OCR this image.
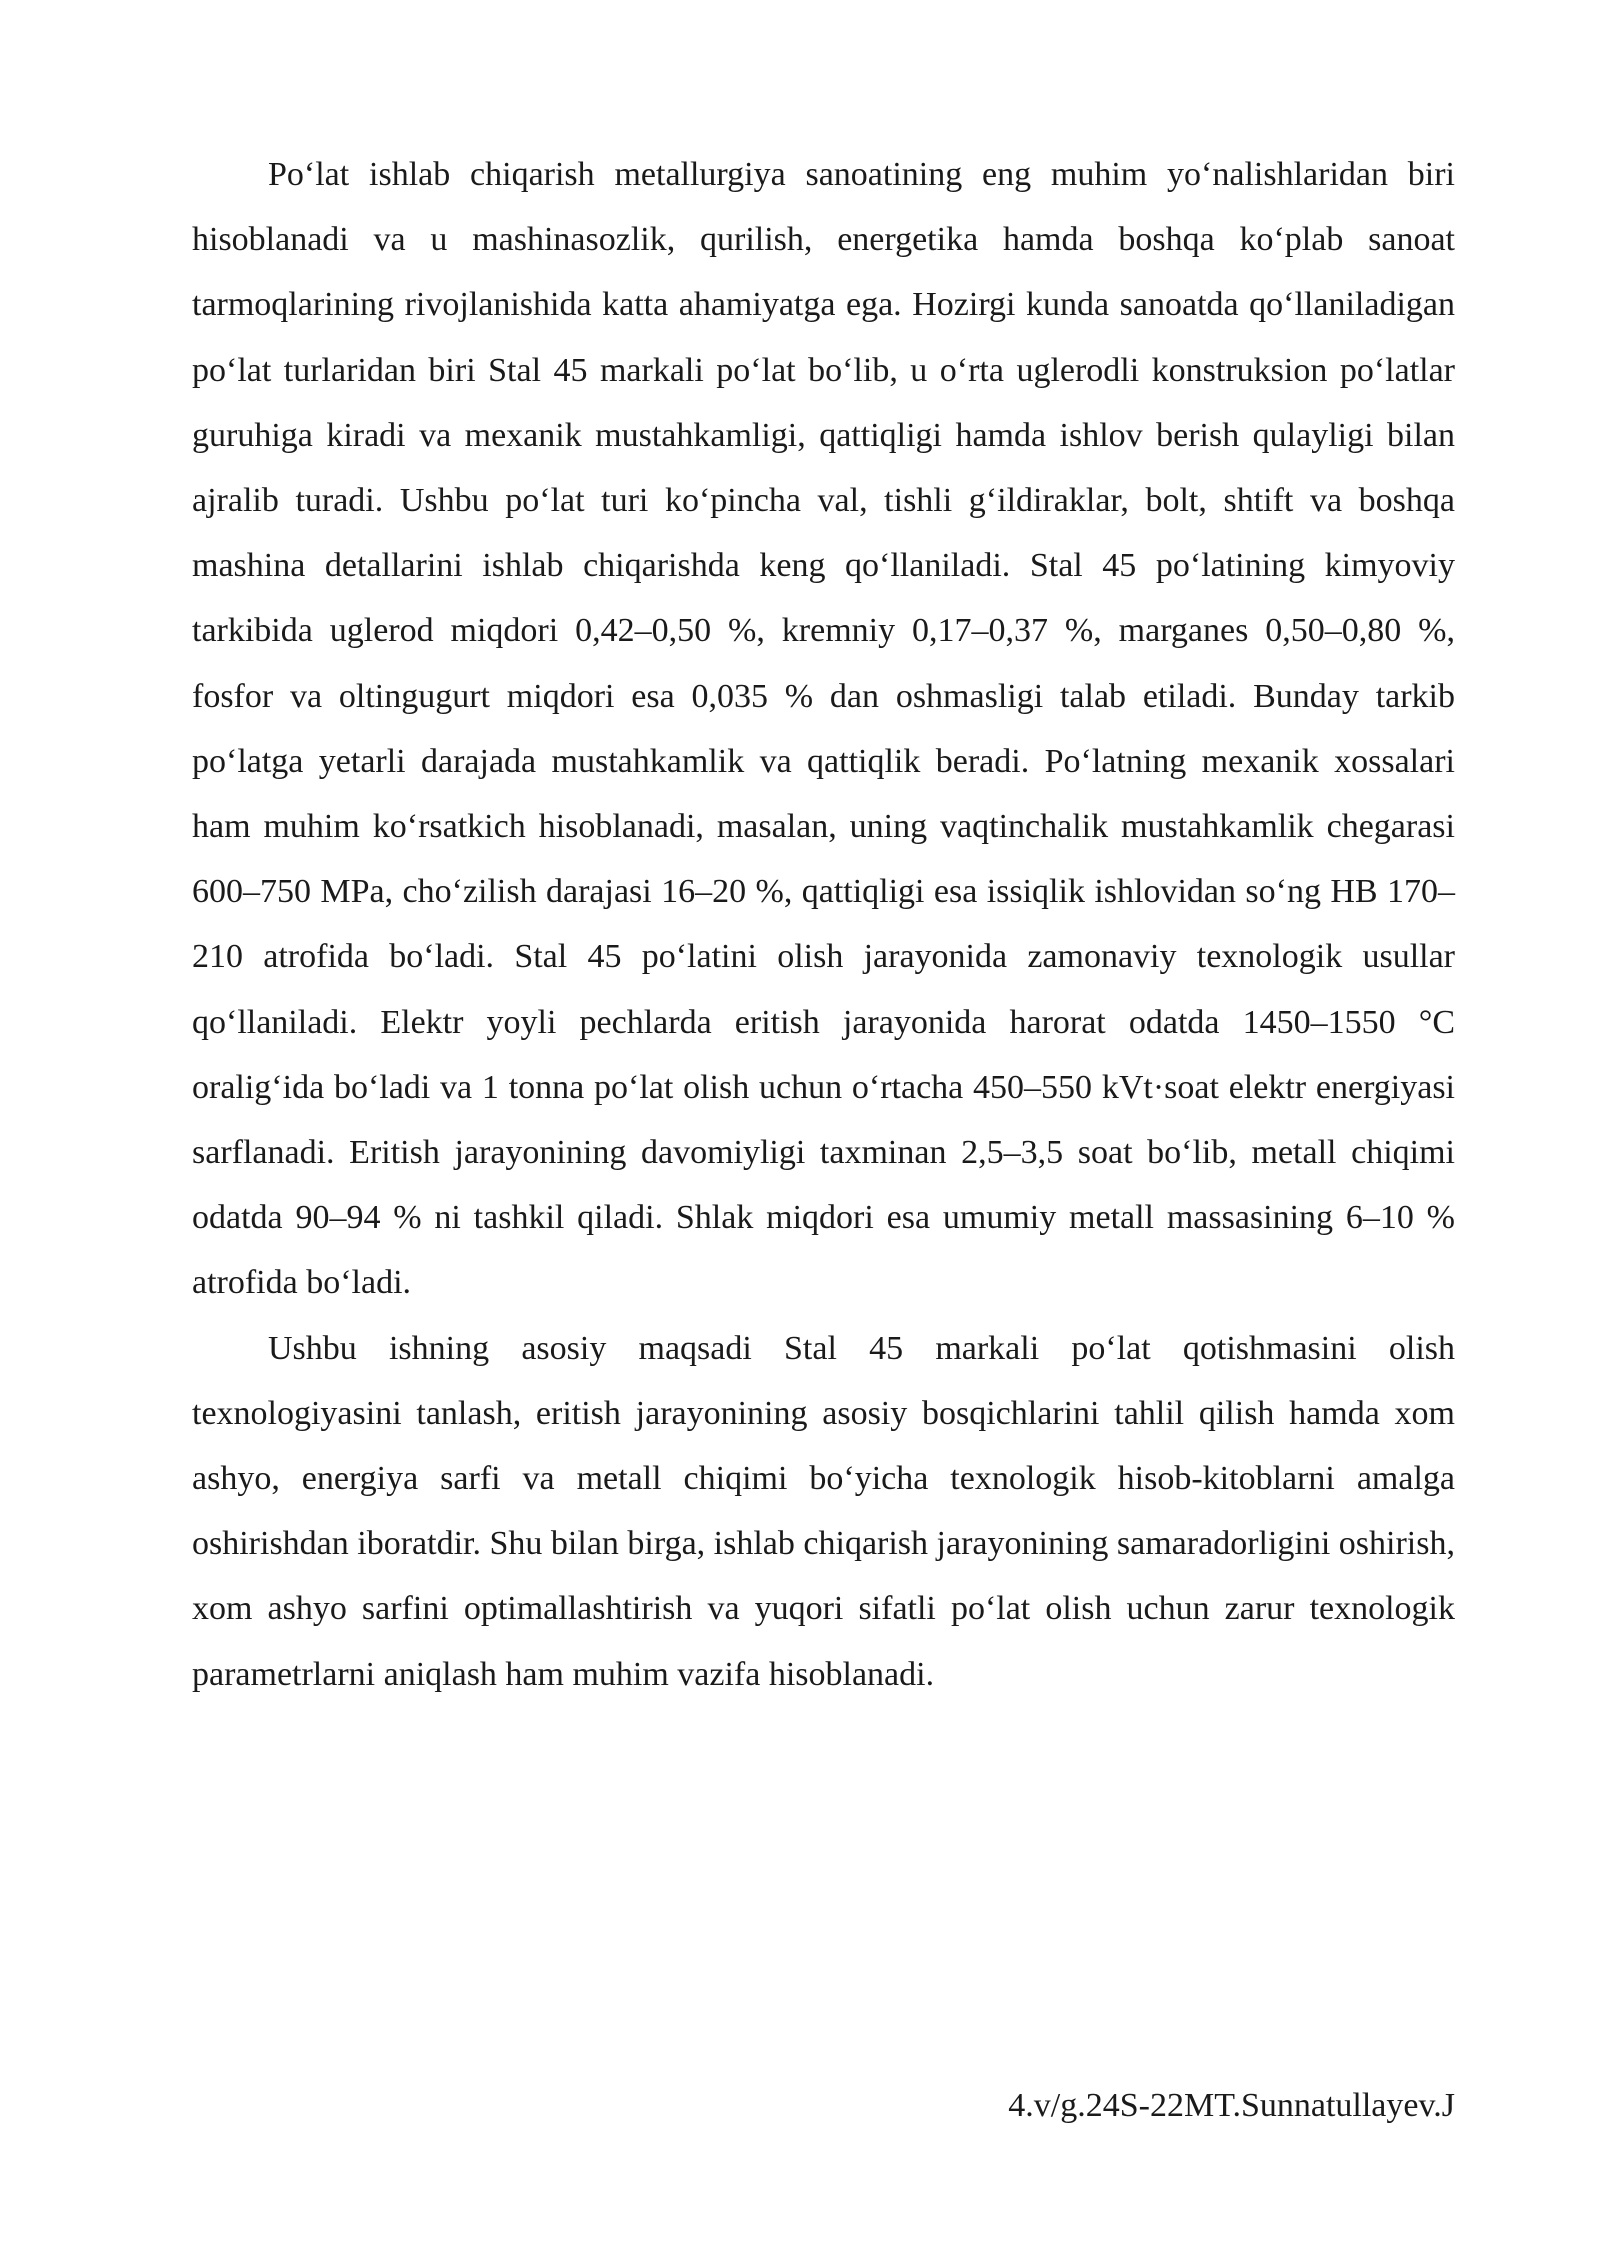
Po‘lat ishlab chiqarish metallurgiya sanoatining eng muhim yo‘nalishlaridan biri hisoblanadi va u mashinasozlik, qurilish, energetika hamda boshqa ko‘plab sanoat tarmoqlarining rivojlanishida katta ahamiyatga ega. Hozirgi kunda sanoatda qo‘llaniladigan po‘lat turlaridan biri Stal 45 markali po‘lat bo‘lib, u o‘rta uglerodli konstruksion po‘latlar guruhiga kiradi va mexanik mustahkamligi, qattiqligi hamda ishlov berish qulayligi bilan ajralib turadi. Ushbu po‘lat turi ko‘pincha val, tishli g‘ildiraklar, bolt, shtift va boshqa mashina detallarini ishlab chiqarishda keng qo‘llaniladi. Stal 45 po‘latining kimyoviy tarkibida uglerod miqdori 0,42–0,50 %, kremniy 0,17–0,37 %, marganes 0,50–0,80 %, fosfor va oltingugurt miqdori esa 0,035 % dan oshmasligi talab etiladi. Bunday tarkib po‘latga yetarli darajada mustahkamlik va qattiqlik beradi. Po‘latning mexanik xossalari ham muhim ko‘rsatkich hisoblanadi, masalan, uning vaqtinchalik mustahkamlik chegarasi 600–750 MPa, cho‘zilish darajasi 16–20 %, qattiqligi esa issiqlik ishlovidan so‘ng HB 170–210 atrofida bo‘ladi. Stal 45 po‘latini olish jarayonida zamonaviy texnologik usullar qo‘llaniladi. Elektr yoyli pechlarda eritish jarayonida harorat odatda 1450–1550 °C oralig‘ida bo‘ladi va 1 tonna po‘lat olish uchun o‘rtacha 450–550 kVt·soat elektr energiyasi sarflanadi. Eritish jarayonining davomiyligi taxminan 2,5–3,5 soat bo‘lib, metall chiqimi odatda 90–94 % ni tashkil qiladi. Shlak miqdori esa umumiy metall massasining 6–10 % atrofida bo‘ladi.

Ushbu ishning asosiy maqsadi Stal 45 markali po‘lat qotishmasini olish texnologiyasini tanlash, eritish jarayonining asosiy bosqichlarini tahlil qilish hamda xom ashyo, energiya sarfi va metall chiqimi bo‘yicha texnologik hisob-kitoblarni amalga oshirishdan iboratdir. Shu bilan birga, ishlab chiqarish jarayonining samaradorligini oshirish, xom ashyo sarfini optimallashtirish va yuqori sifatli po‘lat olish uchun zarur texnologik parametrlarni aniqlash ham muhim vazifa hisoblanadi.

4.v/g.24S-22MT.Sunnatullayev.J
